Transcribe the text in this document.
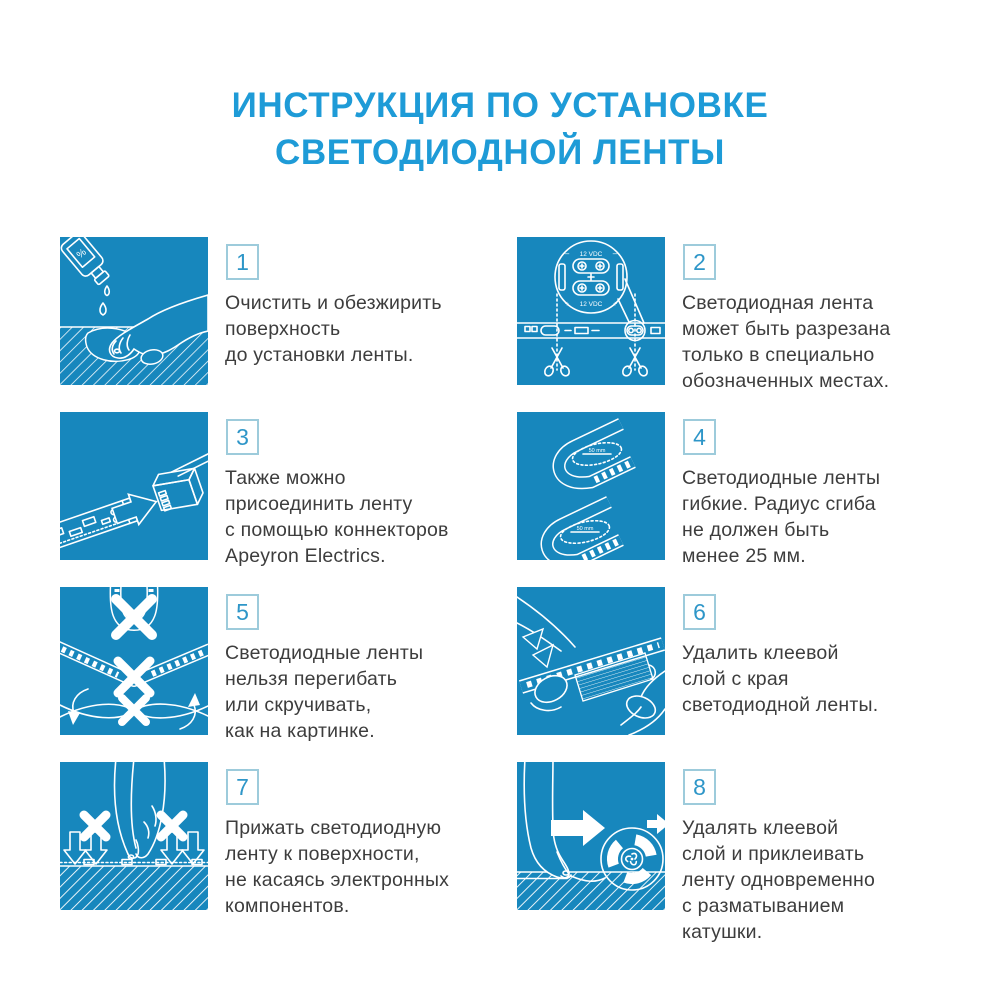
ИНСТРУКЦИЯ ПО УСТАНОВКЕ
СВЕТОДИОДНОЙ ЛЕНТЫ
%	1
Очистить и обезжирить
поверхность
до установки ленты.
12 VDC
–	–
12 VDC
+	+
2
Светодиодная лента
может быть разрезана
только в специально
обозначенных местах.
3
Также можно
присоединить ленту
с помощью коннекторов
Apeyron Electrics.
50 mm
50 mm
4
Светодиодные ленты
гибкие. Радиус сгиба
не должен быть
менее 25 мм.
5
Светодиодные ленты
нельзя перегибать
или скручивать,
как на картинке.
6
Удалить клеевой
слой с края
светодиодной ленты.
7
Прижать светодиодную
ленту к поверхности,
не касаясь электронных
компонентов.
8
Удалять клеевой
слой и приклеивать
ленту одновременно
с разматыванием
катушки.
